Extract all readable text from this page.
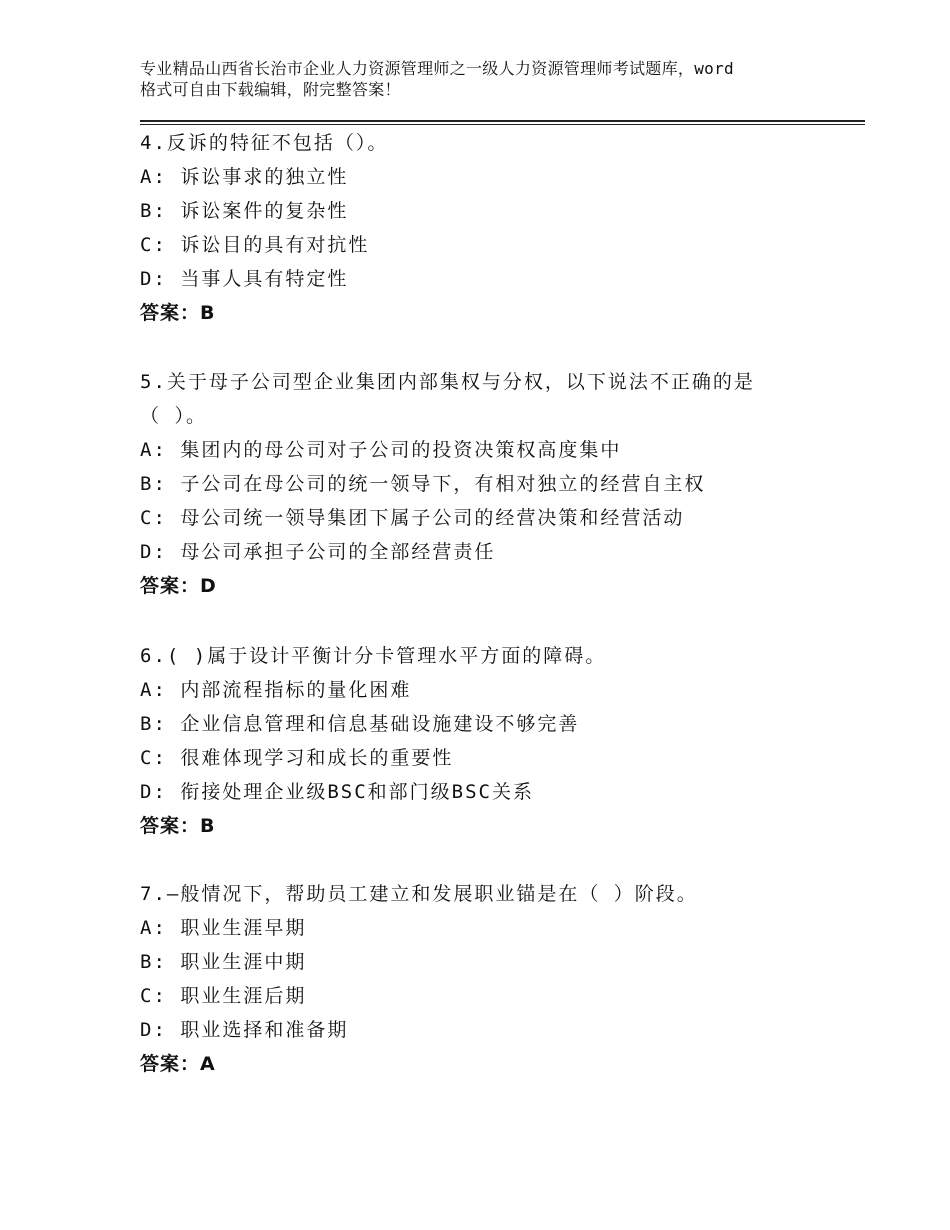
专业精品山西省长治市企业人力资源管理师之一级人力资源管理师考试题库，word
格式可自由下载编辑，附完整答案！
4.反诉的特征不包括（）。
A: 诉讼事求的独立性
B: 诉讼案件的复杂性
C: 诉讼目的具有对抗性
D: 当事人具有特定性
答案：B
5.关于母子公司型企业集团内部集权与分权，以下说法不正确的是
（ ）。
A: 集团内的母公司对子公司的投资决策权高度集中
B: 子公司在母公司的统一领导下，有相对独立的经营自主权
C: 母公司统一领导集团下属子公司的经营决策和经营活动
D: 母公司承担子公司的全部经营责任
答案：D
6.( )属于设计平衡计分卡管理水平方面的障碍。
A: 内部流程指标的量化困难
B: 企业信息管理和信息基础设施建设不够完善
C: 很难体现学习和成长的重要性
D: 衔接处理企业级BSC和部门级BSC关系
答案：B
7.—般情况下，帮助员工建立和发展职业锚是在（ ）阶段。
A: 职业生涯早期
B: 职业生涯中期
C: 职业生涯后期
D: 职业选择和准备期
答案：A
